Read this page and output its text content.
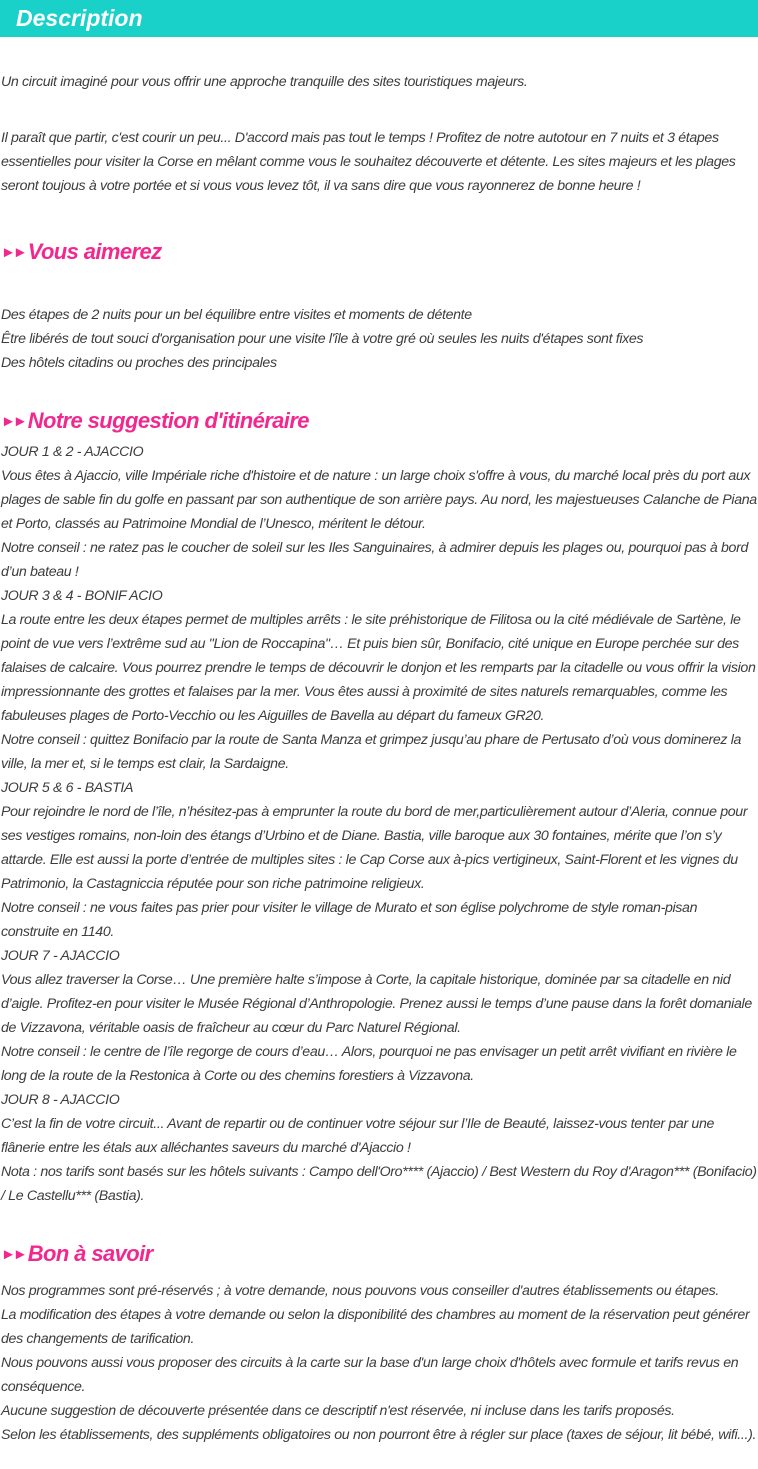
Description

Un circuit imaginé pour vous offrir une approche tranquille des sites touristiques majeurs.

Il paraît que partir, c'est courir un peu... D'accord mais pas tout le temps ! Profitez de notre autotour en 7 nuits et 3 étapes essentielles pour visiter la Corse en mêlant comme vous le souhaitez découverte et détente. Les sites majeurs et les plages seront toujous à votre portée et si vous vous levez tôt, il va sans dire que vous rayonnerez de bonne heure !

►► Vous aimerez

Des étapes de 2 nuits pour un bel équilibre entre visites et moments de détente

Être libérés de tout souci d'organisation pour une visite l'île à votre gré où seules les nuits d'étapes sont fixes

Des hôtels citadins ou proches des principales

►► Notre suggestion d'itinéraire

JOUR 1 & 2 - AJACCIO

Vous êtes à Ajaccio, ville Impériale riche d'histoire et de nature : un large choix s'offre à vous, du marché local près du port aux plages de sable fin du golfe en passant par son authentique de son arrière pays. Au nord, les majestueuses Calanche de Piana et Porto, classés au Patrimoine Mondial de l’Unesco, méritent le détour.

Notre conseil : ne ratez pas le coucher de soleil sur les Iles Sanguinaires, à admirer depuis les plages ou, pourquoi pas à bord d’un bateau !

JOUR 3 & 4 - BONIF ACIO

La route entre les deux étapes permet de multiples arrêts : le site préhistorique de Filitosa ou la cité médiévale de Sartène, le point de vue vers l’extrême sud au "Lion de Roccapina"… Et puis bien sûr, Bonifacio, cité unique en Europe perchée sur des falaises de calcaire. Vous pourrez prendre le temps de découvrir le donjon et les remparts par la citadelle ou vous offrir la vision impressionnante des grottes et falaises par la mer. Vous êtes aussi à proximité de sites naturels remarquables, comme les fabuleuses plages de Porto-Vecchio ou les Aiguilles de Bavella au départ du fameux GR20.

Notre conseil : quittez Bonifacio par la route de Santa Manza et grimpez jusqu’au phare de Pertusato d’où vous dominerez la ville, la mer et, si le temps est clair, la Sardaigne.

JOUR 5 & 6 - BASTIA

Pour rejoindre le nord de l’île, n’hésitez-pas à emprunter la route du bord de mer,particulièrement autour d’Aleria, connue pour ses vestiges romains, non-loin des étangs d’Urbino et de Diane. Bastia, ville baroque aux 30 fontaines, mérite que l’on s’y attarde. Elle est aussi la porte d’entrée de multiples sites : le Cap Corse aux à-pics vertigineux, Saint-Florent et les vignes du Patrimonio, la Castagniccia réputée pour son riche patrimoine religieux.

Notre conseil : ne vous faites pas prier pour visiter le village de Murato et son église polychrome de style roman-pisan construite en 1140.

JOUR 7 - AJACCIO

Vous allez traverser la Corse… Une première halte s’impose à Corte, la capitale historique, dominée par sa citadelle en nid d’aigle. Profitez-en pour visiter le Musée Régional d’Anthropologie. Prenez aussi le temps d’une pause dans la forêt domaniale de Vizzavona, véritable oasis de fraîcheur au cœur du Parc Naturel Régional.

Notre conseil : le centre de l’île regorge de cours d’eau… Alors, pourquoi ne pas envisager un petit arrêt vivifiant en rivière le long de la route de la Restonica à Corte ou des chemins forestiers à Vizzavona.

JOUR 8 - AJACCIO

C’est la fin de votre circuit... Avant de repartir ou de continuer votre séjour sur l’Ile de Beauté, laissez-vous tenter par une flânerie entre les étals aux alléchantes saveurs du marché d'Ajaccio !

Nota : nos tarifs sont basés sur les hôtels suivants : Campo dell'Oro**** (Ajaccio) / Best Western du Roy d'Aragon*** (Bonifacio) / Le Castellu*** (Bastia).

►► Bon à savoir

Nos programmes sont pré-réservés ; à votre demande, nous pouvons vous conseiller d'autres établissements ou étapes.

La modification des étapes à votre demande ou selon la disponibilité des chambres au moment de la réservation peut générer des changements de tarification.

Nous pouvons aussi vous proposer des circuits à la carte sur la base d'un large choix d'hôtels avec formule et tarifs revus en conséquence.

Aucune suggestion de découverte présentée dans ce descriptif n'est réservée, ni incluse dans les tarifs proposés.

Selon les établissements, des suppléments obligatoires ou non pourront être à régler sur place (taxes de séjour, lit bébé, wifi...).
